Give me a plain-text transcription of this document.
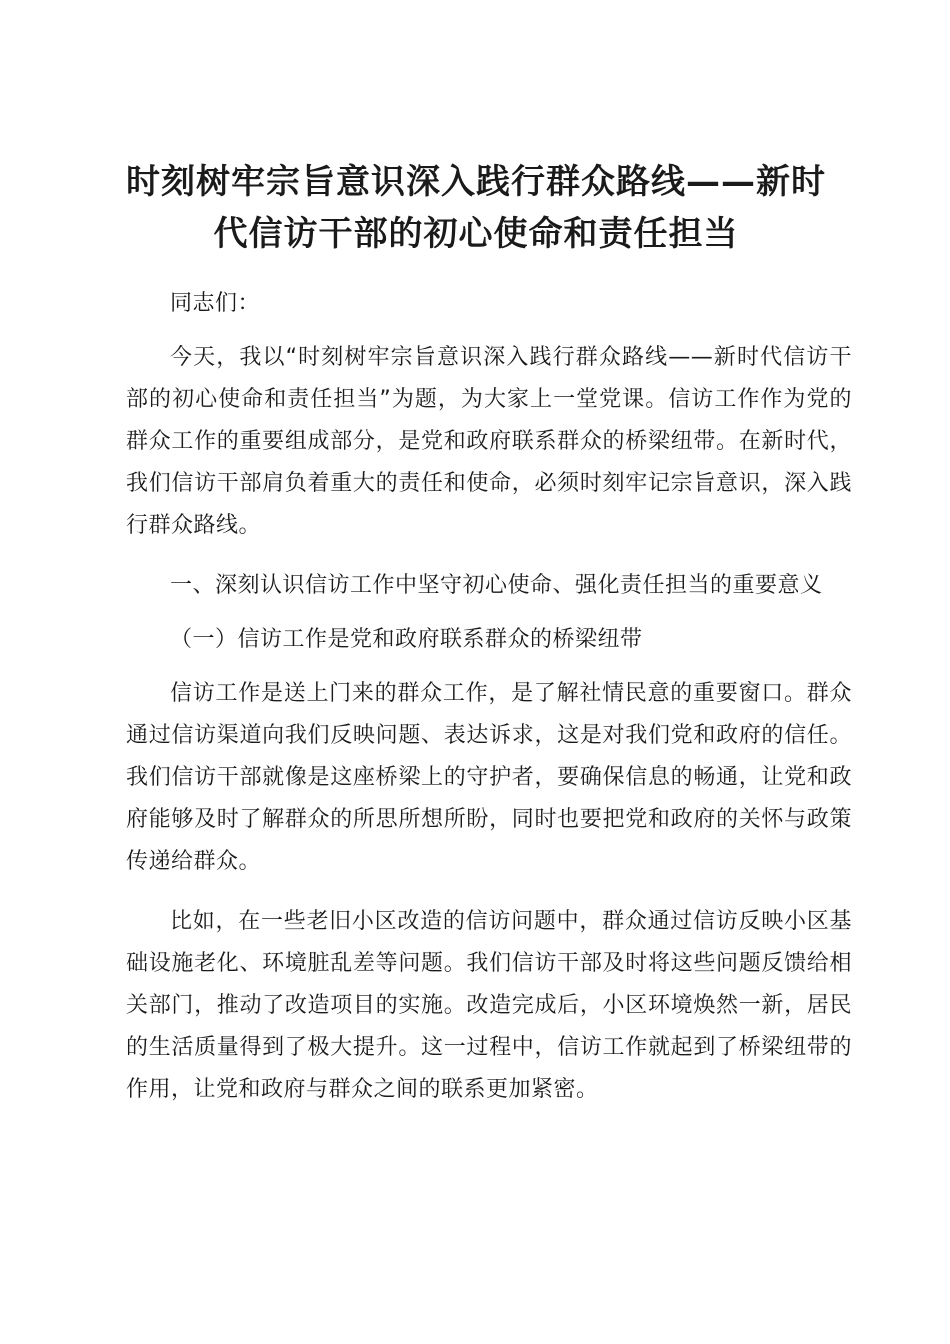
时刻树牢宗旨意识深入践行群众路线——新时代信访干部的初心使命和责任担当

同志们：

今天，我以“时刻树牢宗旨意识深入践行群众路线——新时代信访干部的初心使命和责任担当”为题，为大家上一堂党课。信访工作作为党的群众工作的重要组成部分，是党和政府联系群众的桥梁纽带。在新时代，我们信访干部肩负着重大的责任和使命，必须时刻牢记宗旨意识，深入践行群众路线。

一、深刻认识信访工作中坚守初心使命、强化责任担当的重要意义

（一）信访工作是党和政府联系群众的桥梁纽带

信访工作是送上门来的群众工作，是了解社情民意的重要窗口。群众通过信访渠道向我们反映问题、表达诉求，这是对我们党和政府的信任。我们信访干部就像是这座桥梁上的守护者，要确保信息的畅通，让党和政府能够及时了解群众的所思所想所盼，同时也要把党和政府的关怀与政策传递给群众。

比如，在一些老旧小区改造的信访问题中，群众通过信访反映小区基础设施老化、环境脏乱差等问题。我们信访干部及时将这些问题反馈给相关部门，推动了改造项目的实施。改造完成后，小区环境焕然一新，居民的生活质量得到了极大提升。这一过程中，信访工作就起到了桥梁纽带的作用，让党和政府与群众之间的联系更加紧密。
